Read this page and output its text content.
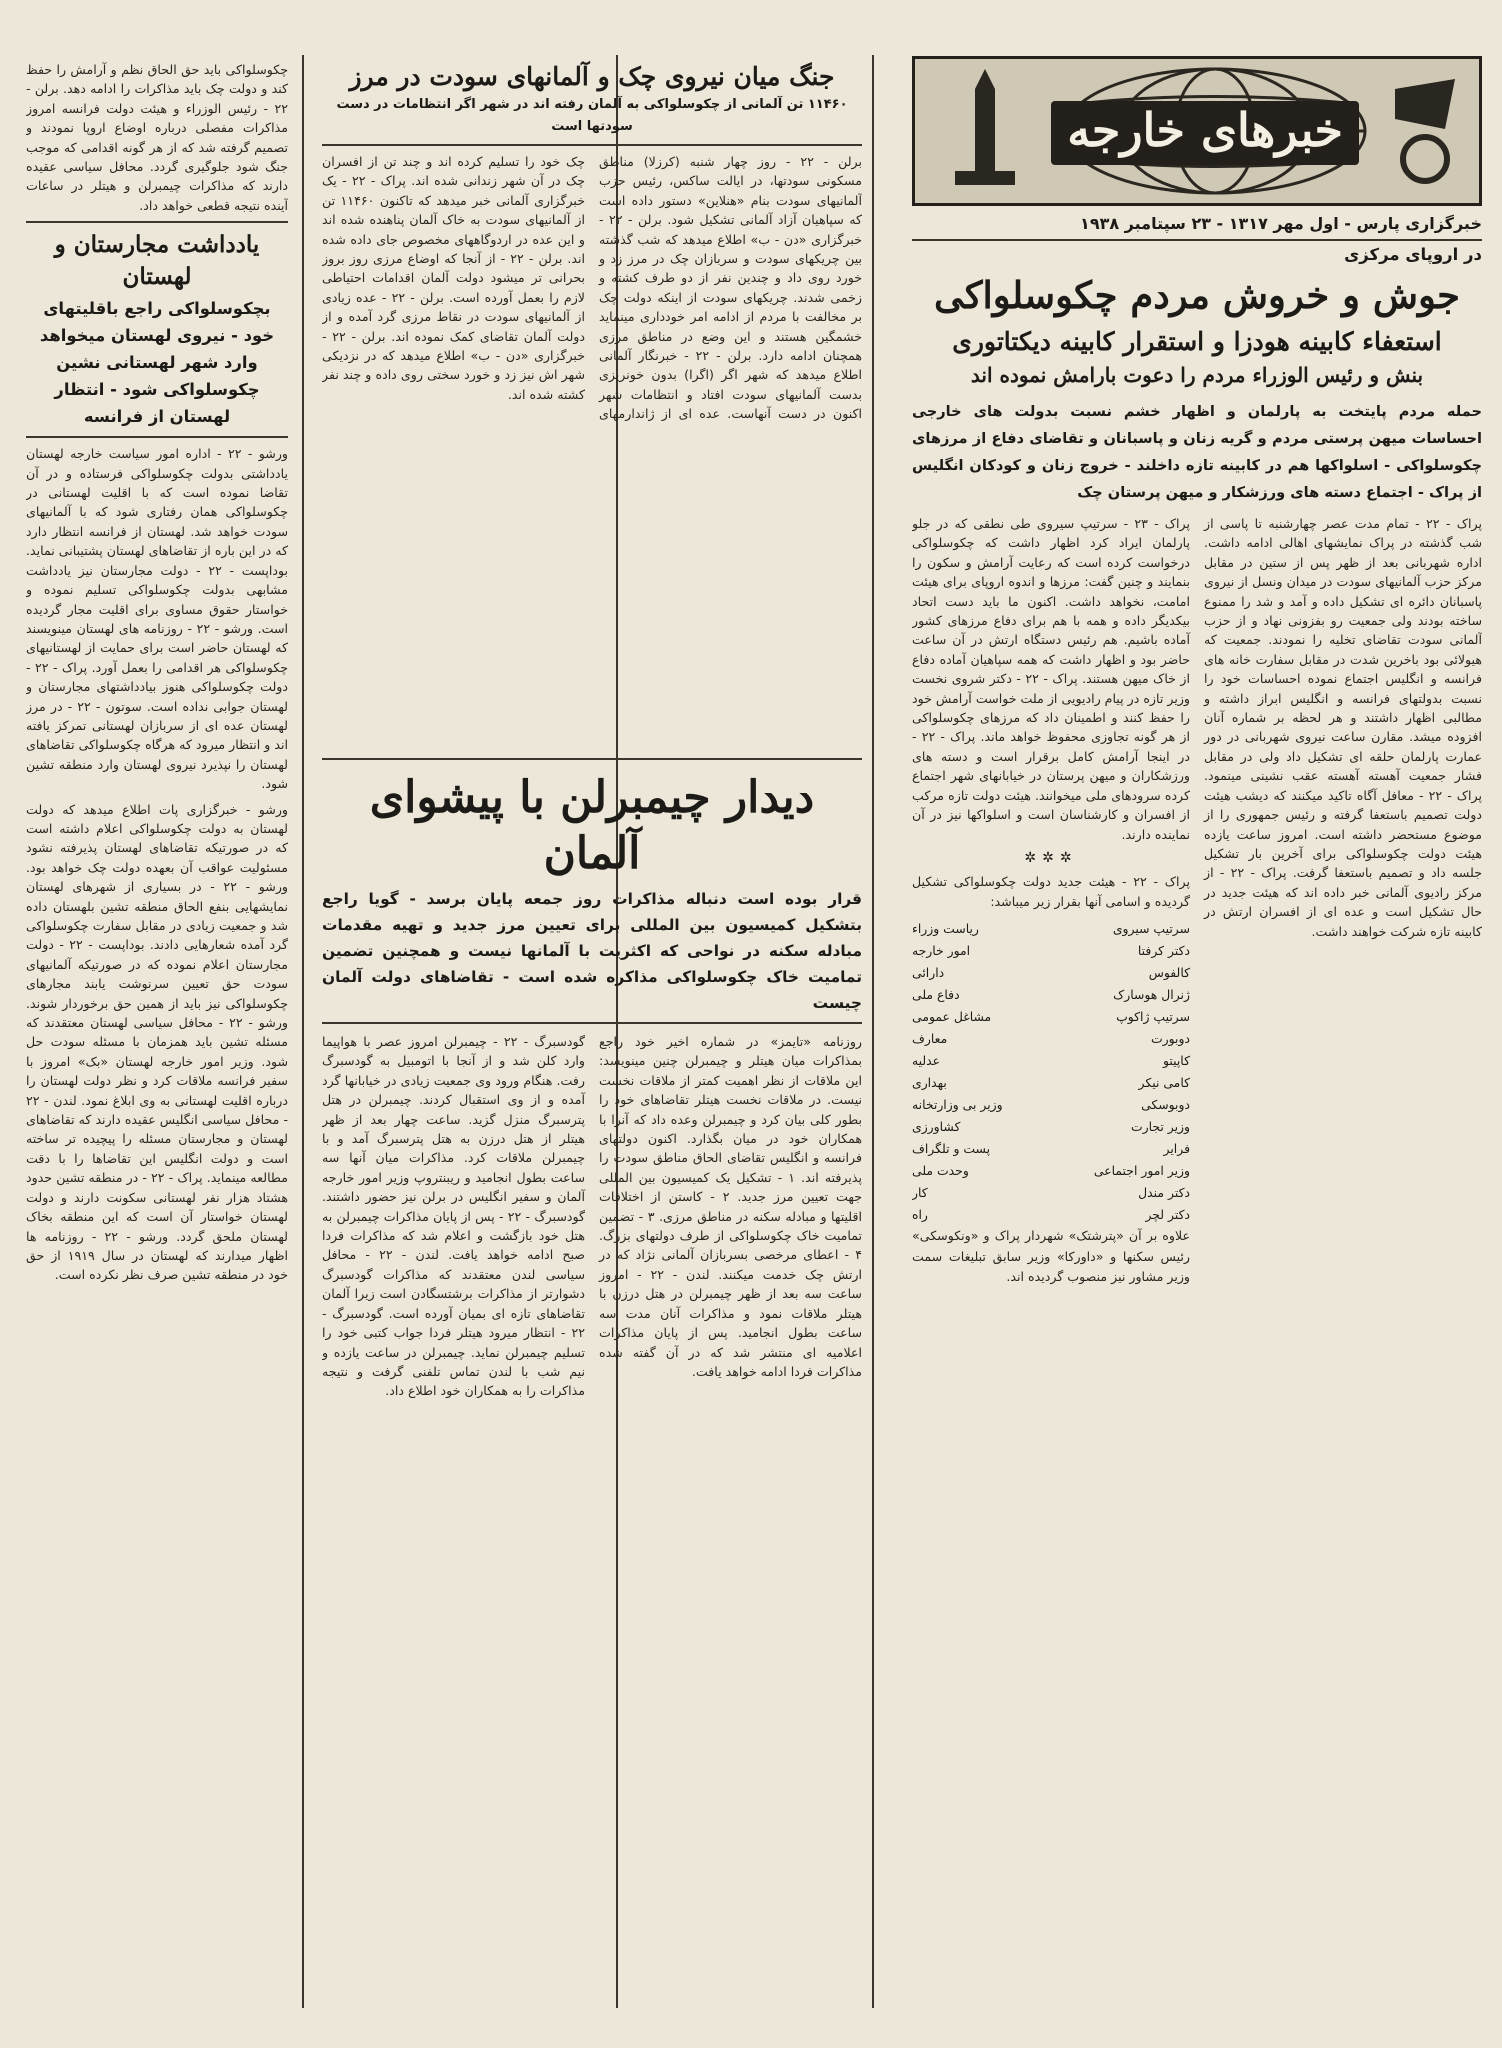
خبرهای خارجه
خبرگزاری پارس - اول مهر ۱۳۱۷ - ۲۳ سپتامبر ۱۹۳۸
در اروپای مرکزی
جوش و خروش مردم چکوسلواکی
استعفاء کابینه هودزا و استقرار کابینه دیکتاتوری
بنش و رئیس الوزراء مردم را دعوت بارامش نموده اند

حمله مردم پایتخت به پارلمان و اظهار خشم نسبت بدولت های خارجی احساسات میهن پرستی مردم و گریه زنان و پاسبانان و تقاضای دفاع از مرزهای چکوسلواکی - اسلواکها هم در کابینه تازه داخلند - خروج زنان و کودکان انگلیس از پراک - اجتماع دسته های ورزشکار و میهن پرستان چک

پراک - ۲۲ - تمام مدت عصر چهارشنبه تا پاسی از شب گذشته در پراک نمایشهای اهالی ادامه داشت. اداره شهربانی بعد از ظهر پس از ستین در مقابل مرکز حزب آلمانیهای سودت در میدان ونسل از نیروی پاسبانان دائره ای تشکیل داده و آمد و شد را ممنوع ساخته بودند ولی جمعیت رو بفزونی نهاد و از حزب آلمانی سودت تقاضای تخلیه را نمودند. جمعیت که هیولائی بود باخرین شدت در مقابل سفارت خانه های فرانسه و انگلیس اجتماع نموده احساسات خود را نسبت بدولتهای فرانسه و انگلیس ابراز داشته و مطالبی اظهار داشتند و هر لحظه بر شماره آنان افزوده میشد. مقارن ساعت نیروی شهربانی در دور عمارت پارلمان حلقه ای تشکیل داد ولی در مقابل فشار جمعیت آهسته آهسته عقب نشینی مینمود. پراک - ۲۲ - معافل آگاه تاکید میکنند که دیشب هیئت دولت تصمیم باستعفا گرفته و رئیس جمهوری را از موضوع مستحضر داشته است. امروز ساعت یازده هیئت دولت چکوسلواکی برای آخرین بار تشکیل جلسه داد و تصمیم باستعفا گرفت. پراک - ۲۲ - از مرکز رادیوی آلمانی خبر داده اند که هیئت جدید در حال تشکیل است و عده ای از افسران ارتش در کابینه تازه شرکت خواهند داشت.

پراک - ۲۳ - سرتیپ سیروی طی نطقی که در جلو پارلمان ایراد کرد اظهار داشت که چکوسلواکی درخواست کرده است که رعایت آرامش و سکون را بنمایند و چنین گفت: مرزها و اندوه اروپای برای هیئت امامت، نخواهد داشت. اکنون ما باید دست اتحاد بیکدیگر داده و همه با هم برای دفاع مرزهای کشور آماده باشیم. هم رئیس دستگاه ارتش در آن ساعت حاضر بود و اظهار داشت که همه سپاهیان آماده دفاع از خاک میهن هستند. پراک - ۲۲ - دکتر شروی نخست وزیر تازه در پیام رادیویی از ملت خواست آرامش خود را حفظ کنند و اطمینان داد که مرزهای چکوسلواکی از هر گونه تجاوزی محفوظ خواهد ماند. پراک - ۲۲ - در اینجا آرامش کامل برقرار است و دسته های ورزشکاران و میهن پرستان در خیابانهای شهر اجتماع کرده سرودهای ملی میخوانند. هیئت دولت تازه مرکب از افسران و کارشناسان است و اسلواکها نیز در آن نماینده دارند.

✲✲✲

پراک - ۲۲ - هیئت جدید دولت چکوسلواکی تشکیل گردیده و اسامی آنها بقرار زیر میباشد:

سرتیپ سیروی
ریاست وزراء
دکتر کرفتا
امور خارجه
کالفوس
دارائی
ژنرال هوسارک
دفاع ملی
سرتیپ ژاکوپ
مشاغل عمومی
دوبورت
معارف
کاپیتو
عدلیه
کامی نیکر
بهداری
دوبوسکی
وزیر بی وزارتخانه
وزیر تجارت
کشاورزی
فرایر
پست و تلگراف
وزیر امور اجتماعی
وحدت ملی
دکتر مندل
کار
دکتر لچر
راه

علاوه بر آن «پترشتک» شهردار پراک و «ونکوسکی» رئیس سکنها و «داورکا» وزیر سابق تبلیغات سمت وزیر مشاور نیز منصوب گردیده اند.

جنگ میان نیروی چک و آلمانهای سودت در مرز
۱۱۴۶۰ تن آلمانی از چکوسلواکی به آلمان رفته اند در شهر اگر انتظامات در دست سودتها است

برلن - ۲۲ - روز چهار شنبه (کرزلا) مناطق مسکونی سودتها، در ایالت ساکس، رئیس حزب آلمانیهای سودت بنام «هنلاین» دستور داده است که سپاهیان آزاد آلمانی تشکیل شود. برلن - ۲۲ - خبرگزاری «دن - ب» اطلاع میدهد که شب گذشته بین چریکهای سودت و سربازان چک در مرز زد و خورد روی داد و چندین نفر از دو طرف کشته و زخمی شدند. چریکهای سودت از اینکه دولت چک بر مخالفت با مردم از ادامه امر خودداری مینماید خشمگین هستند و این وضع در مناطق مرزی همچنان ادامه دارد. برلن - ۲۲ - خبرنگار آلمانی اطلاع میدهد که شهر اگر (اگرا) بدون خونریزی بدست آلمانیهای سودت افتاد و انتظامات شهر اکنون در دست آنهاست. عده ای از ژاندارمهای چک خود را تسلیم کرده اند و چند تن از افسران چک در آن شهر زندانی شده اند. پراک - ۲۲ - یک خبرگزاری آلمانی خبر میدهد که تاکنون ۱۱۴۶۰ تن از آلمانیهای سودت به خاک آلمان پناهنده شده اند و این عده در اردوگاههای مخصوص جای داده شده اند. برلن - ۲۲ - از آنجا که اوضاع مرزی روز بروز بحرانی تر میشود دولت آلمان اقدامات احتیاطی لازم را بعمل آورده است. برلن - ۲۲ - عده زیادی از آلمانیهای سودت در نقاط مرزی گرد آمده و از دولت آلمان تقاضای کمک نموده اند. برلن - ۲۲ - خبرگزاری «دن - ب» اطلاع میدهد که در نزدیکی شهر اش نیز زد و خورد سختی روی داده و چند نفر کشته شده اند.

دیدار چیمبرلن با پیشوای آلمان

قرار بوده است دنباله مذاکرات روز جمعه پایان برسد - گویا راجع بتشکیل کمیسیون بین المللی برای تعیین مرز جدید و تهیه مقدمات مبادله سکنه در نواحی که اکثریت با آلمانها نیست و همچنین تضمین تمامیت خاک چکوسلواکی مذاکره شده است - تقاضاهای دولت آلمان چیست

روزنامه «تایمز» در شماره اخیر خود راجع بمذاکرات میان هیتلر و چیمبرلن چنین مینویسد: این ملاقات از نظر اهمیت کمتر از ملاقات نخست نیست. در ملاقات نخست هیتلر تقاضاهای خود را بطور کلی بیان کرد و چیمبرلن وعده داد که آنرا با همکاران خود در میان بگذارد. اکنون دولتهای فرانسه و انگلیس تقاضای الحاق مناطق سودت را پذیرفته اند. ۱ - تشکیل یک کمیسیون بین المللی جهت تعیین مرز جدید. ۲ - کاستن از اختلافات اقلیتها و مبادله سکنه در مناطق مرزی. ۳ - تضمین تمامیت خاک چکوسلواکی از طرف دولتهای بزرگ. ۴ - اعطای مرخصی بسربازان آلمانی نژاد که در ارتش چک خدمت میکنند. لندن - ۲۲ - امروز ساعت سه بعد از ظهر چیمبرلن در هتل درزن با هیتلر ملاقات نمود و مذاکرات آنان مدت سه ساعت بطول انجامید. پس از پایان مذاکرات اعلامیه ای منتشر شد که در آن گفته شده مذاکرات فردا ادامه خواهد یافت.

گودسبرگ - ۲۲ - چیمبرلن امروز عصر با هواپیما وارد کلن شد و از آنجا با اتومبیل به گودسبرگ رفت. هنگام ورود وی جمعیت زیادی در خیابانها گرد آمده و از وی استقبال کردند. چیمبرلن در هتل پترسبرگ منزل گزید. ساعت چهار بعد از ظهر هیتلر از هتل درزن به هتل پترسبرگ آمد و با چیمبرلن ملاقات کرد. مذاکرات میان آنها سه ساعت بطول انجامید و ریبنتروپ وزیر امور خارجه آلمان و سفیر انگلیس در برلن نیز حضور داشتند. گودسبرگ - ۲۲ - پس از پایان مذاکرات چیمبرلن به هتل خود بازگشت و اعلام شد که مذاکرات فردا صبح ادامه خواهد یافت. لندن - ۲۲ - محافل سیاسی لندن معتقدند که مذاکرات گودسبرگ دشوارتر از مذاکرات برشتسگادن است زیرا آلمان تقاضاهای تازه ای بمیان آورده است. گودسبرگ - ۲۲ - انتظار میرود هیتلر فردا جواب کتبی خود را تسلیم چیمبرلن نماید. چیمبرلن در ساعت یازده و نیم شب با لندن تماس تلفنی گرفت و نتیجه مذاکرات را به همکاران خود اطلاع داد.

چکوسلواکی باید حق الحاق نظم و آرامش را حفظ کند و دولت چک باید مذاکرات را ادامه دهد. برلن - ۲۲ - رئیس الوزراء و هیئت دولت فرانسه امروز مذاکرات مفصلی درباره اوضاع اروپا نمودند و تصمیم گرفته شد که از هر گونه اقدامی که موجب جنگ شود جلوگیری گردد. محافل سیاسی عقیده دارند که مذاکرات چیمبرلن و هیتلر در ساعات آینده نتیجه قطعی خواهد داد.

یادداشت مجارستان و لهستان
بچکوسلواکی راجع باقلیتهای خود - نیروی لهستان میخواهد وارد شهر لهستانی نشین چکوسلواکی شود - انتظار لهستان از فرانسه

ورشو - ۲۲ - اداره امور سیاست خارجه لهستان یادداشتی بدولت چکوسلواکی فرستاده و در آن تقاضا نموده است که با اقلیت لهستانی در چکوسلواکی همان رفتاری شود که با آلمانیهای سودت خواهد شد. لهستان از فرانسه انتظار دارد که در این باره از تقاضاهای لهستان پشتیبانی نماید. بوداپست - ۲۲ - دولت مجارستان نیز یادداشت مشابهی بدولت چکوسلواکی تسلیم نموده و خواستار حقوق مساوی برای اقلیت مجار گردیده است. ورشو - ۲۲ - روزنامه های لهستان مینویسند که لهستان حاضر است برای حمایت از لهستانیهای چکوسلواکی هر اقدامی را بعمل آورد. پراک - ۲۲ - دولت چکوسلواکی هنوز بیادداشتهای مجارستان و لهستان جوابی نداده است. سوتون - ۲۲ - در مرز لهستان عده ای از سربازان لهستانی تمرکز یافته اند و انتظار میرود که هرگاه چکوسلواکی تقاضاهای لهستان را نپذیرد نیروی لهستان وارد منطقه تشین شود.

ورشو - خبرگزاری پات اطلاع میدهد که دولت لهستان به دولت چکوسلواکی اعلام داشته است که در صورتیکه تقاضاهای لهستان پذیرفته نشود مسئولیت عواقب آن بعهده دولت چک خواهد بود. ورشو - ۲۲ - در بسیاری از شهرهای لهستان نمایشهایی بنفع الحاق منطقه تشین بلهستان داده شد و جمعیت زیادی در مقابل سفارت چکوسلواکی گرد آمده شعارهایی دادند. بوداپست - ۲۲ - دولت مجارستان اعلام نموده که در صورتیکه آلمانیهای سودت حق تعیین سرنوشت یابند مجارهای چکوسلواکی نیز باید از همین حق برخوردار شوند. ورشو - ۲۲ - محافل سیاسی لهستان معتقدند که مسئله تشین باید همزمان با مسئله سودت حل شود. وزیر امور خارجه لهستان «بک» امروز با سفیر فرانسه ملاقات کرد و نظر دولت لهستان را درباره اقلیت لهستانی به وی ابلاغ نمود. لندن - ۲۲ - محافل سیاسی انگلیس عقیده دارند که تقاضاهای لهستان و مجارستان مسئله را پیچیده تر ساخته است و دولت انگلیس این تقاضاها را با دقت مطالعه مینماید. پراک - ۲۲ - در منطقه تشین حدود هشتاد هزار نفر لهستانی سکونت دارند و دولت لهستان خواستار آن است که این منطقه بخاک لهستان ملحق گردد. ورشو - ۲۲ - روزنامه ها اظهار میدارند که لهستان در سال ۱۹۱۹ از حق خود در منطقه تشین صرف نظر نکرده است.
